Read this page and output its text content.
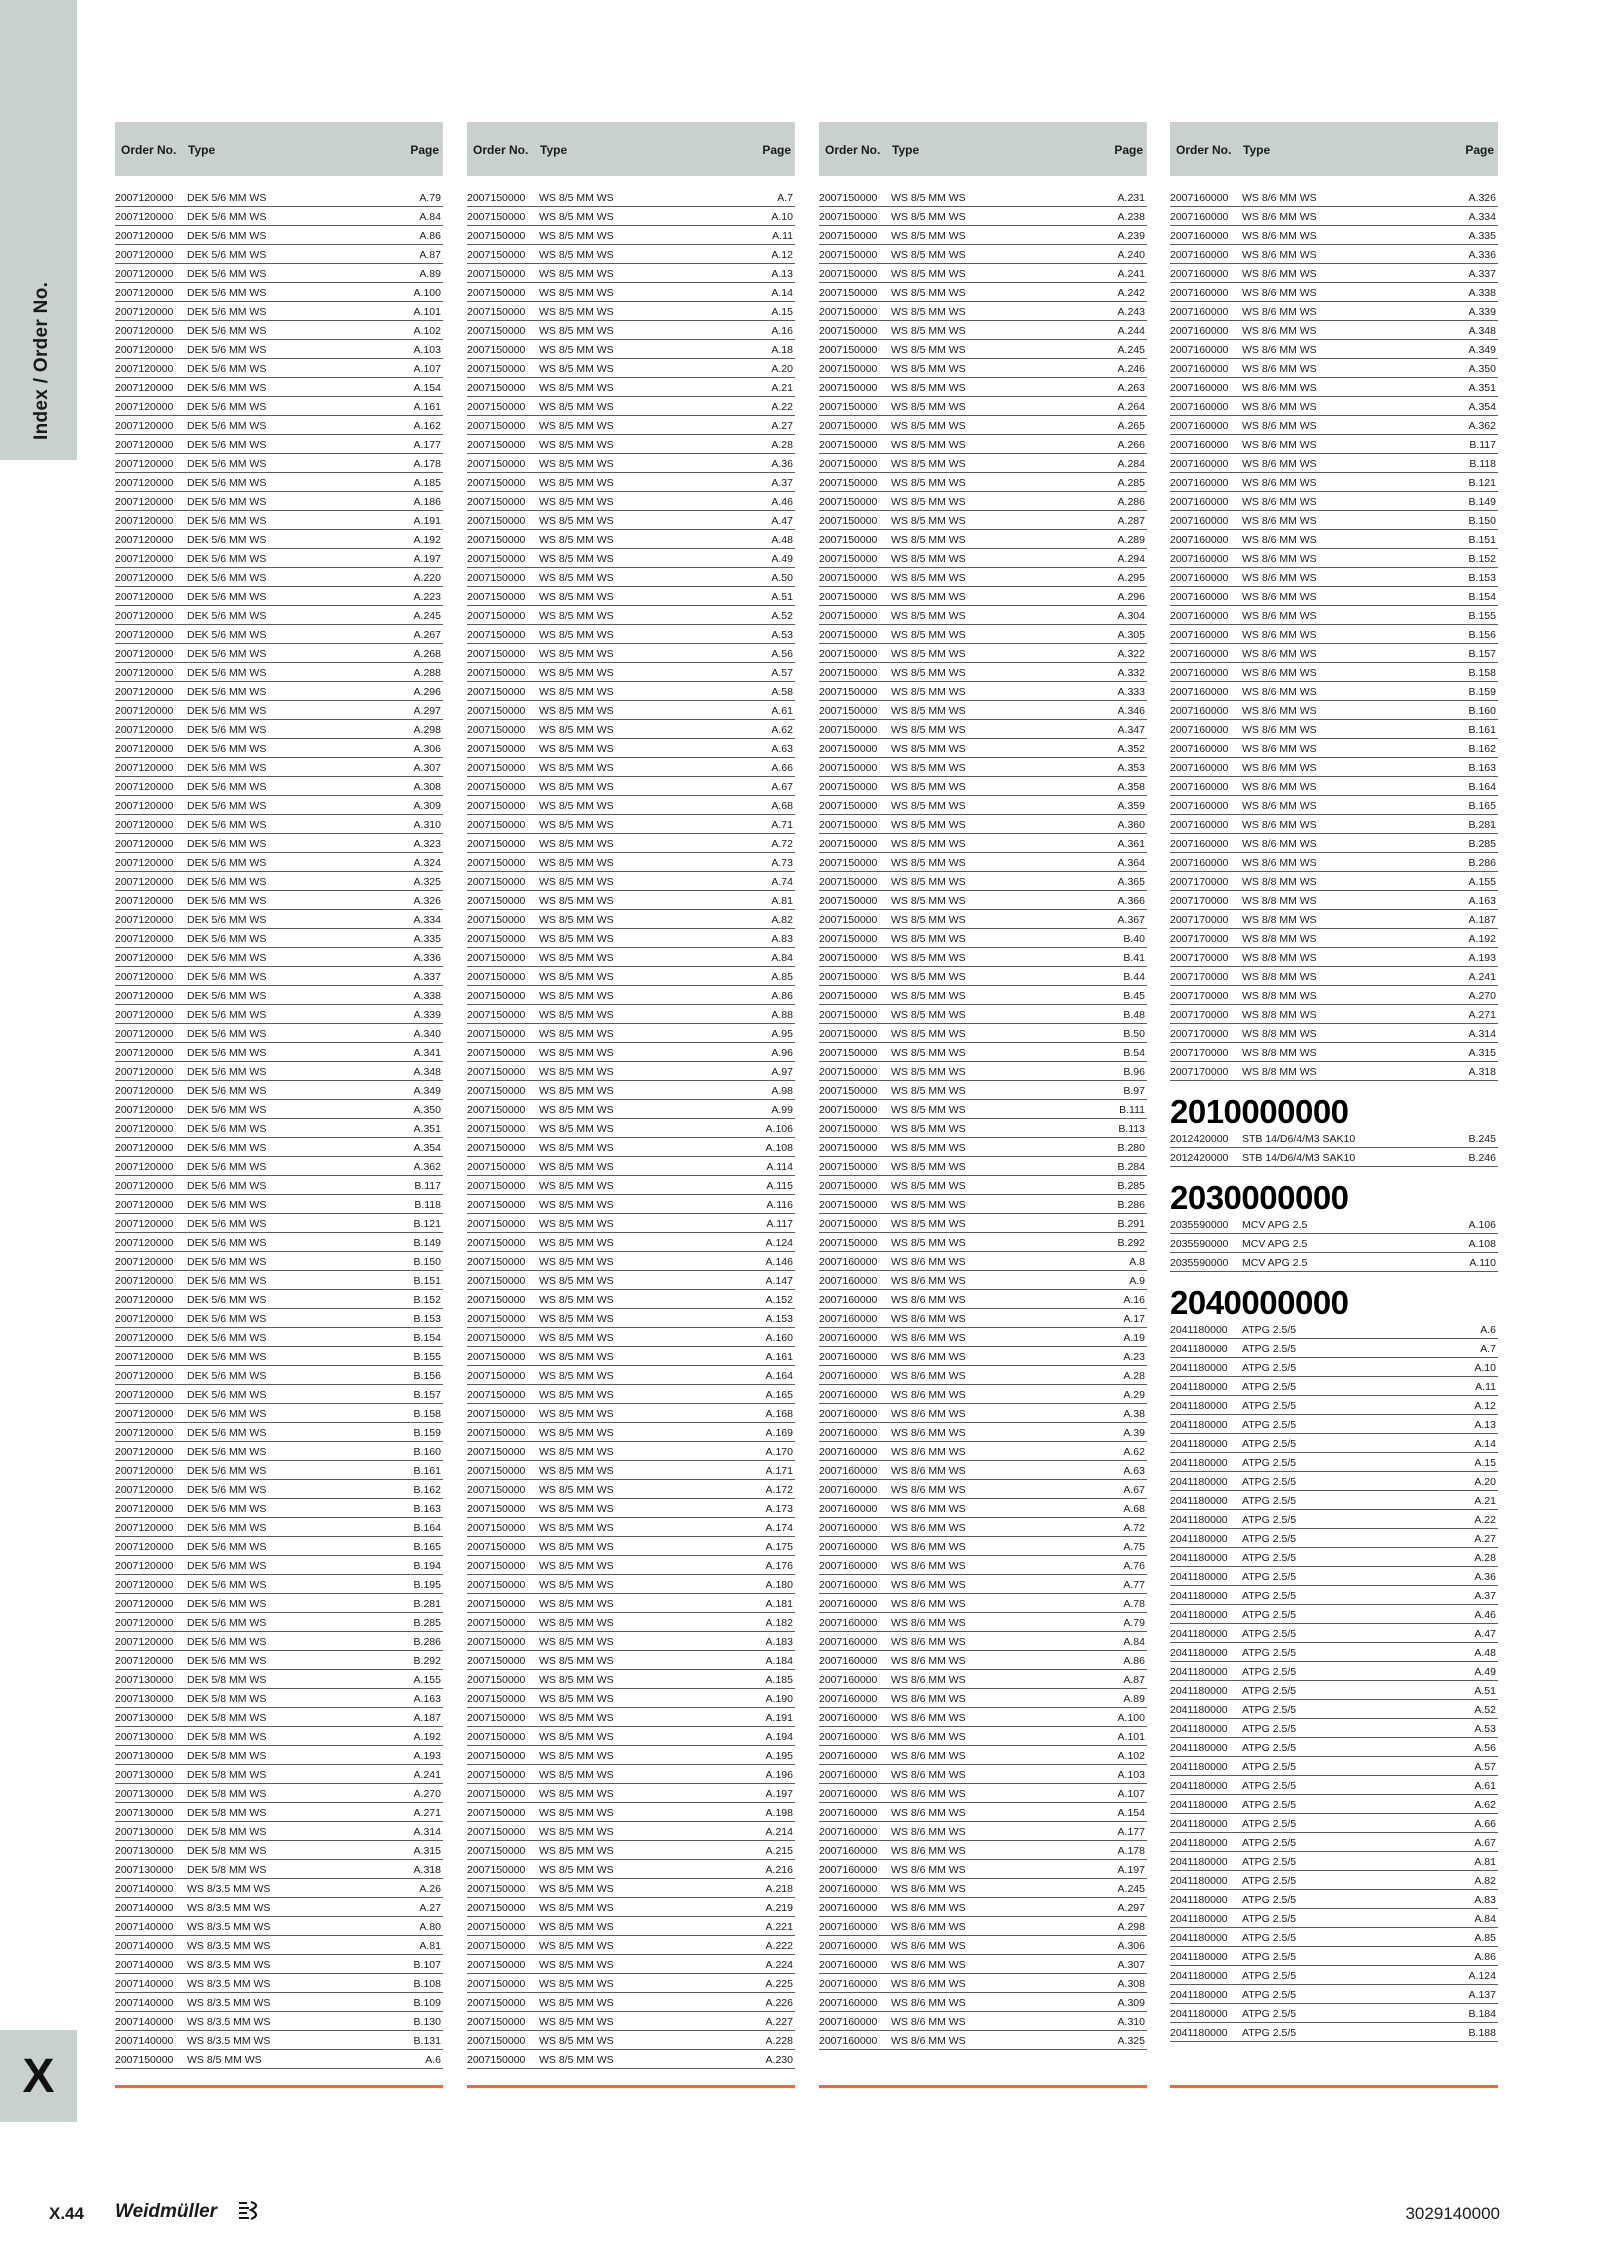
Index / Order No.
X
Order No. Type	Page
2007120000 DEK 5/6 MM WS	A.79
2007120000 DEK 5/6 MM WS	A.84
2007120000 DEK 5/6 MM WS	A.86
2007120000 DEK 5/6 MM WS	A.87
2007120000 DEK 5/6 MM WS	A.89
2007120000 DEK 5/6 MM WS	A.100
2007120000 DEK 5/6 MM WS	A.101
2007120000 DEK 5/6 MM WS	A.102
2007120000 DEK 5/6 MM WS	A.103
2007120000 DEK 5/6 MM WS	A.107
2007120000 DEK 5/6 MM WS	A.154
2007120000 DEK 5/6 MM WS	A.161
2007120000 DEK 5/6 MM WS	A.162
2007120000 DEK 5/6 MM WS	A.177
2007120000 DEK 5/6 MM WS	A.178
2007120000 DEK 5/6 MM WS	A.185
2007120000 DEK 5/6 MM WS	A.186
2007120000 DEK 5/6 MM WS	A.191
2007120000 DEK 5/6 MM WS	A.192
2007120000 DEK 5/6 MM WS	A.197
2007120000 DEK 5/6 MM WS	A.220
2007120000 DEK 5/6 MM WS	A.223
2007120000 DEK 5/6 MM WS	A.245
2007120000 DEK 5/6 MM WS	A.267
2007120000 DEK 5/6 MM WS	A.268
2007120000 DEK 5/6 MM WS	A.288
2007120000 DEK 5/6 MM WS	A.296
2007120000 DEK 5/6 MM WS	A.297
2007120000 DEK 5/6 MM WS	A.298
2007120000 DEK 5/6 MM WS	A.306
2007120000 DEK 5/6 MM WS	A.307
2007120000 DEK 5/6 MM WS	A.308
2007120000 DEK 5/6 MM WS	A.309
2007120000 DEK 5/6 MM WS	A.310
2007120000 DEK 5/6 MM WS	A.323
2007120000 DEK 5/6 MM WS	A.324
2007120000 DEK 5/6 MM WS	A.325
2007120000 DEK 5/6 MM WS	A.326
2007120000 DEK 5/6 MM WS	A.334
2007120000 DEK 5/6 MM WS	A.335
2007120000 DEK 5/6 MM WS	A.336
2007120000 DEK 5/6 MM WS	A.337
2007120000 DEK 5/6 MM WS	A.338
2007120000 DEK 5/6 MM WS	A.339
2007120000 DEK 5/6 MM WS	A.340
2007120000 DEK 5/6 MM WS	A.341
2007120000 DEK 5/6 MM WS	A.348
2007120000 DEK 5/6 MM WS	A.349
2007120000 DEK 5/6 MM WS	A.350
2007120000 DEK 5/6 MM WS	A.351
2007120000 DEK 5/6 MM WS	A.354
2007120000 DEK 5/6 MM WS	A.362
2007120000 DEK 5/6 MM WS	B.117
2007120000 DEK 5/6 MM WS	B.118
2007120000 DEK 5/6 MM WS	B.121
2007120000 DEK 5/6 MM WS	B.149
2007120000 DEK 5/6 MM WS	B.150
2007120000 DEK 5/6 MM WS	B.151
2007120000 DEK 5/6 MM WS	B.152
2007120000 DEK 5/6 MM WS	B.153
2007120000 DEK 5/6 MM WS	B.154
2007120000 DEK 5/6 MM WS	B.155
2007120000 DEK 5/6 MM WS	B.156
2007120000 DEK 5/6 MM WS	B.157
2007120000 DEK 5/6 MM WS	B.158
2007120000 DEK 5/6 MM WS	B.159
2007120000 DEK 5/6 MM WS	B.160
2007120000 DEK 5/6 MM WS	B.161
2007120000 DEK 5/6 MM WS	B.162
2007120000 DEK 5/6 MM WS	B.163
2007120000 DEK 5/6 MM WS	B.164
2007120000 DEK 5/6 MM WS	B.165
2007120000 DEK 5/6 MM WS	B.194
2007120000 DEK 5/6 MM WS	B.195
2007120000 DEK 5/6 MM WS	B.281
2007120000 DEK 5/6 MM WS	B.285
2007120000 DEK 5/6 MM WS	B.286
2007120000 DEK 5/6 MM WS	B.292
2007130000 DEK 5/8 MM WS	A.155
2007130000 DEK 5/8 MM WS	A.163
2007130000 DEK 5/8 MM WS	A.187
2007130000 DEK 5/8 MM WS	A.192
2007130000 DEK 5/8 MM WS	A.193
2007130000 DEK 5/8 MM WS	A.241
2007130000 DEK 5/8 MM WS	A.270
2007130000 DEK 5/8 MM WS	A.271
2007130000 DEK 5/8 MM WS	A.314
2007130000 DEK 5/8 MM WS	A.315
2007130000 DEK 5/8 MM WS	A.318
2007140000 WS 8/3.5 MM WS	A.26
2007140000 WS 8/3.5 MM WS	A.27
2007140000 WS 8/3.5 MM WS	A.80
2007140000 WS 8/3.5 MM WS	A.81
2007140000 WS 8/3.5 MM WS	B.107
2007140000 WS 8/3.5 MM WS	B.108
2007140000 WS 8/3.5 MM WS	B.109
2007140000 WS 8/3.5 MM WS	B.130
2007140000 WS 8/3.5 MM WS	B.131
2007150000 WS 8/5 MM WS	A.6
Order No. Type	Page
2007150000 WS 8/5 MM WS	A.7
2007150000 WS 8/5 MM WS	A.10
2007150000 WS 8/5 MM WS	A.11
2007150000 WS 8/5 MM WS	A.12
2007150000 WS 8/5 MM WS	A.13
2007150000 WS 8/5 MM WS	A.14
2007150000 WS 8/5 MM WS	A.15
2007150000 WS 8/5 MM WS	A.16
2007150000 WS 8/5 MM WS	A.18
2007150000 WS 8/5 MM WS	A.20
2007150000 WS 8/5 MM WS	A.21
2007150000 WS 8/5 MM WS	A.22
2007150000 WS 8/5 MM WS	A.27
2007150000 WS 8/5 MM WS	A.28
2007150000 WS 8/5 MM WS	A.36
2007150000 WS 8/5 MM WS	A.37
2007150000 WS 8/5 MM WS	A.46
2007150000 WS 8/5 MM WS	A.47
2007150000 WS 8/5 MM WS	A.48
2007150000 WS 8/5 MM WS	A.49
2007150000 WS 8/5 MM WS	A.50
2007150000 WS 8/5 MM WS	A.51
2007150000 WS 8/5 MM WS	A.52
2007150000 WS 8/5 MM WS	A.53
2007150000 WS 8/5 MM WS	A.56
2007150000 WS 8/5 MM WS	A.57
2007150000 WS 8/5 MM WS	A.58
2007150000 WS 8/5 MM WS	A.61
2007150000 WS 8/5 MM WS	A.62
2007150000 WS 8/5 MM WS	A.63
2007150000 WS 8/5 MM WS	A.66
2007150000 WS 8/5 MM WS	A.67
2007150000 WS 8/5 MM WS	A.68
2007150000 WS 8/5 MM WS	A.71
2007150000 WS 8/5 MM WS	A.72
2007150000 WS 8/5 MM WS	A.73
2007150000 WS 8/5 MM WS	A.74
2007150000 WS 8/5 MM WS	A.81
2007150000 WS 8/5 MM WS	A.82
2007150000 WS 8/5 MM WS	A.83
2007150000 WS 8/5 MM WS	A.84
2007150000 WS 8/5 MM WS	A.85
2007150000 WS 8/5 MM WS	A.86
2007150000 WS 8/5 MM WS	A.88
2007150000 WS 8/5 MM WS	A.95
2007150000 WS 8/5 MM WS	A.96
2007150000 WS 8/5 MM WS	A.97
2007150000 WS 8/5 MM WS	A.98
2007150000 WS 8/5 MM WS	A.99
2007150000 WS 8/5 MM WS	A.106
2007150000 WS 8/5 MM WS	A.108
2007150000 WS 8/5 MM WS	A.114
2007150000 WS 8/5 MM WS	A.115
2007150000 WS 8/5 MM WS	A.116
2007150000 WS 8/5 MM WS	A.117
2007150000 WS 8/5 MM WS	A.124
2007150000 WS 8/5 MM WS	A.146
2007150000 WS 8/5 MM WS	A.147
2007150000 WS 8/5 MM WS	A.152
2007150000 WS 8/5 MM WS	A.153
2007150000 WS 8/5 MM WS	A.160
2007150000 WS 8/5 MM WS	A.161
2007150000 WS 8/5 MM WS	A.164
2007150000 WS 8/5 MM WS	A.165
2007150000 WS 8/5 MM WS	A.168
2007150000 WS 8/5 MM WS	A.169
2007150000 WS 8/5 MM WS	A.170
2007150000 WS 8/5 MM WS	A.171
2007150000 WS 8/5 MM WS	A.172
2007150000 WS 8/5 MM WS	A.173
2007150000 WS 8/5 MM WS	A.174
2007150000 WS 8/5 MM WS	A.175
2007150000 WS 8/5 MM WS	A.176
2007150000 WS 8/5 MM WS	A.180
2007150000 WS 8/5 MM WS	A.181
2007150000 WS 8/5 MM WS	A.182
2007150000 WS 8/5 MM WS	A.183
2007150000 WS 8/5 MM WS	A.184
2007150000 WS 8/5 MM WS	A.185
2007150000 WS 8/5 MM WS	A.190
2007150000 WS 8/5 MM WS	A.191
2007150000 WS 8/5 MM WS	A.194
2007150000 WS 8/5 MM WS	A.195
2007150000 WS 8/5 MM WS	A.196
2007150000 WS 8/5 MM WS	A.197
2007150000 WS 8/5 MM WS	A.198
2007150000 WS 8/5 MM WS	A.214
2007150000 WS 8/5 MM WS	A.215
2007150000 WS 8/5 MM WS	A.216
2007150000 WS 8/5 MM WS	A.218
2007150000 WS 8/5 MM WS	A.219
2007150000 WS 8/5 MM WS	A.221
2007150000 WS 8/5 MM WS	A.222
2007150000 WS 8/5 MM WS	A.224
2007150000 WS 8/5 MM WS	A.225
2007150000 WS 8/5 MM WS	A.226
2007150000 WS 8/5 MM WS	A.227
2007150000 WS 8/5 MM WS	A.228
2007150000 WS 8/5 MM WS	A.230
Order No. Type	Page
2007150000 WS 8/5 MM WS	A.231
2007150000 WS 8/5 MM WS	A.238
2007150000 WS 8/5 MM WS	A.239
2007150000 WS 8/5 MM WS	A.240
2007150000 WS 8/5 MM WS	A.241
2007150000 WS 8/5 MM WS	A.242
2007150000 WS 8/5 MM WS	A.243
2007150000 WS 8/5 MM WS	A.244
2007150000 WS 8/5 MM WS	A.245
2007150000 WS 8/5 MM WS	A.246
2007150000 WS 8/5 MM WS	A.263
2007150000 WS 8/5 MM WS	A.264
2007150000 WS 8/5 MM WS	A.265
2007150000 WS 8/5 MM WS	A.266
2007150000 WS 8/5 MM WS	A.284
2007150000 WS 8/5 MM WS	A.285
2007150000 WS 8/5 MM WS	A.286
2007150000 WS 8/5 MM WS	A.287
2007150000 WS 8/5 MM WS	A.289
2007150000 WS 8/5 MM WS	A.294
2007150000 WS 8/5 MM WS	A.295
2007150000 WS 8/5 MM WS	A.296
2007150000 WS 8/5 MM WS	A.304
2007150000 WS 8/5 MM WS	A.305
2007150000 WS 8/5 MM WS	A.322
2007150000 WS 8/5 MM WS	A.332
2007150000 WS 8/5 MM WS	A.333
2007150000 WS 8/5 MM WS	A.346
2007150000 WS 8/5 MM WS	A.347
2007150000 WS 8/5 MM WS	A.352
2007150000 WS 8/5 MM WS	A.353
2007150000 WS 8/5 MM WS	A.358
2007150000 WS 8/5 MM WS	A.359
2007150000 WS 8/5 MM WS	A.360
2007150000 WS 8/5 MM WS	A.361
2007150000 WS 8/5 MM WS	A.364
2007150000 WS 8/5 MM WS	A.365
2007150000 WS 8/5 MM WS	A.366
2007150000 WS 8/5 MM WS	A.367
2007150000 WS 8/5 MM WS	B.40
2007150000 WS 8/5 MM WS	B.41
2007150000 WS 8/5 MM WS	B.44
2007150000 WS 8/5 MM WS	B.45
2007150000 WS 8/5 MM WS	B.48
2007150000 WS 8/5 MM WS	B.50
2007150000 WS 8/5 MM WS	B.54
2007150000 WS 8/5 MM WS	B.96
2007150000 WS 8/5 MM WS	B.97
2007150000 WS 8/5 MM WS	B.111
2007150000 WS 8/5 MM WS	B.113
2007150000 WS 8/5 MM WS	B.280
2007150000 WS 8/5 MM WS	B.284
2007150000 WS 8/5 MM WS	B.285
2007150000 WS 8/5 MM WS	B.286
2007150000 WS 8/5 MM WS	B.291
2007150000 WS 8/5 MM WS	B.292
2007160000 WS 8/6 MM WS	A.8
2007160000 WS 8/6 MM WS	A.9
2007160000 WS 8/6 MM WS	A.16
2007160000 WS 8/6 MM WS	A.17
2007160000 WS 8/6 MM WS	A.19
2007160000 WS 8/6 MM WS	A.23
2007160000 WS 8/6 MM WS	A.28
2007160000 WS 8/6 MM WS	A.29
2007160000 WS 8/6 MM WS	A.38
2007160000 WS 8/6 MM WS	A.39
2007160000 WS 8/6 MM WS	A.62
2007160000 WS 8/6 MM WS	A.63
2007160000 WS 8/6 MM WS	A.67
2007160000 WS 8/6 MM WS	A.68
2007160000 WS 8/6 MM WS	A.72
2007160000 WS 8/6 MM WS	A.75
2007160000 WS 8/6 MM WS	A.76
2007160000 WS 8/6 MM WS	A.77
2007160000 WS 8/6 MM WS	A.78
2007160000 WS 8/6 MM WS	A.79
2007160000 WS 8/6 MM WS	A.84
2007160000 WS 8/6 MM WS	A.86
2007160000 WS 8/6 MM WS	A.87
2007160000 WS 8/6 MM WS	A.89
2007160000 WS 8/6 MM WS	A.100
2007160000 WS 8/6 MM WS	A.101
2007160000 WS 8/6 MM WS	A.102
2007160000 WS 8/6 MM WS	A.103
2007160000 WS 8/6 MM WS	A.107
2007160000 WS 8/6 MM WS	A.154
2007160000 WS 8/6 MM WS	A.177
2007160000 WS 8/6 MM WS	A.178
2007160000 WS 8/6 MM WS	A.197
2007160000 WS 8/6 MM WS	A.245
2007160000 WS 8/6 MM WS	A.297
2007160000 WS 8/6 MM WS	A.298
2007160000 WS 8/6 MM WS	A.306
2007160000 WS 8/6 MM WS	A.307
2007160000 WS 8/6 MM WS	A.308
2007160000 WS 8/6 MM WS	A.309
2007160000 WS 8/6 MM WS	A.310
2007160000 WS 8/6 MM WS	A.325
Order No. Type	Page
2007160000 WS 8/6 MM WS	A.326
2007160000 WS 8/6 MM WS	A.334
2007160000 WS 8/6 MM WS	A.335
2007160000 WS 8/6 MM WS	A.336
2007160000 WS 8/6 MM WS	A.337
2007160000 WS 8/6 MM WS	A.338
2007160000 WS 8/6 MM WS	A.339
2007160000 WS 8/6 MM WS	A.348
2007160000 WS 8/6 MM WS	A.349
2007160000 WS 8/6 MM WS	A.350
2007160000 WS 8/6 MM WS	A.351
2007160000 WS 8/6 MM WS	A.354
2007160000 WS 8/6 MM WS	A.362
2007160000 WS 8/6 MM WS	B.117
2007160000 WS 8/6 MM WS	B.118
2007160000 WS 8/6 MM WS	B.121
2007160000 WS 8/6 MM WS	B.149
2007160000 WS 8/6 MM WS	B.150
2007160000 WS 8/6 MM WS	B.151
2007160000 WS 8/6 MM WS	B.152
2007160000 WS 8/6 MM WS	B.153
2007160000 WS 8/6 MM WS	B.154
2007160000 WS 8/6 MM WS	B.155
2007160000 WS 8/6 MM WS	B.156
2007160000 WS 8/6 MM WS	B.157
2007160000 WS 8/6 MM WS	B.158
2007160000 WS 8/6 MM WS	B.159
2007160000 WS 8/6 MM WS	B.160
2007160000 WS 8/6 MM WS	B.161
2007160000 WS 8/6 MM WS	B.162
2007160000 WS 8/6 MM WS	B.163
2007160000 WS 8/6 MM WS	B.164
2007160000 WS 8/6 MM WS	B.165
2007160000 WS 8/6 MM WS	B.281
2007160000 WS 8/6 MM WS	B.285
2007160000 WS 8/6 MM WS	B.286
2007170000 WS 8/8 MM WS	A.155
2007170000 WS 8/8 MM WS	A.163
2007170000 WS 8/8 MM WS	A.187
2007170000 WS 8/8 MM WS	A.192
2007170000 WS 8/8 MM WS	A.193
2007170000 WS 8/8 MM WS	A.241
2007170000 WS 8/8 MM WS	A.270
2007170000 WS 8/8 MM WS	A.271
2007170000 WS 8/8 MM WS	A.314
2007170000 WS 8/8 MM WS	A.315
2007170000 WS 8/8 MM WS	A.318
2010000000
2012420000 STB 14/D6/4/M3 SAK10	B.245
2012420000 STB 14/D6/4/M3 SAK10	B.246
2030000000
2035590000 MCV APG 2.5	A.106
2035590000 MCV APG 2.5	A.108
2035590000 MCV APG 2.5	A.110
2040000000
2041180000 ATPG 2.5/5	A.6
2041180000 ATPG 2.5/5	A.7
2041180000 ATPG 2.5/5	A.10
2041180000 ATPG 2.5/5	A.11
2041180000 ATPG 2.5/5	A.12
2041180000 ATPG 2.5/5	A.13
2041180000 ATPG 2.5/5	A.14
2041180000 ATPG 2.5/5	A.15
2041180000 ATPG 2.5/5	A.20
2041180000 ATPG 2.5/5	A.21
2041180000 ATPG 2.5/5	A.22
2041180000 ATPG 2.5/5	A.27
2041180000 ATPG 2.5/5	A.28
2041180000 ATPG 2.5/5	A.36
2041180000 ATPG 2.5/5	A.37
2041180000 ATPG 2.5/5	A.46
2041180000 ATPG 2.5/5	A.47
2041180000 ATPG 2.5/5	A.48
2041180000 ATPG 2.5/5	A.49
2041180000 ATPG 2.5/5	A.51
2041180000 ATPG 2.5/5	A.52
2041180000 ATPG 2.5/5	A.53
2041180000 ATPG 2.5/5	A.56
2041180000 ATPG 2.5/5	A.57
2041180000 ATPG 2.5/5	A.61
2041180000 ATPG 2.5/5	A.62
2041180000 ATPG 2.5/5	A.66
2041180000 ATPG 2.5/5	A.67
2041180000 ATPG 2.5/5	A.81
2041180000 ATPG 2.5/5	A.82
2041180000 ATPG 2.5/5	A.83
2041180000 ATPG 2.5/5	A.84
2041180000 ATPG 2.5/5	A.85
2041180000 ATPG 2.5/5	A.86
2041180000 ATPG 2.5/5	A.124
2041180000 ATPG 2.5/5	A.137
2041180000 ATPG 2.5/5	B.184
2041180000 ATPG 2.5/5	B.188
X.44 Weidmüller	3029140000
